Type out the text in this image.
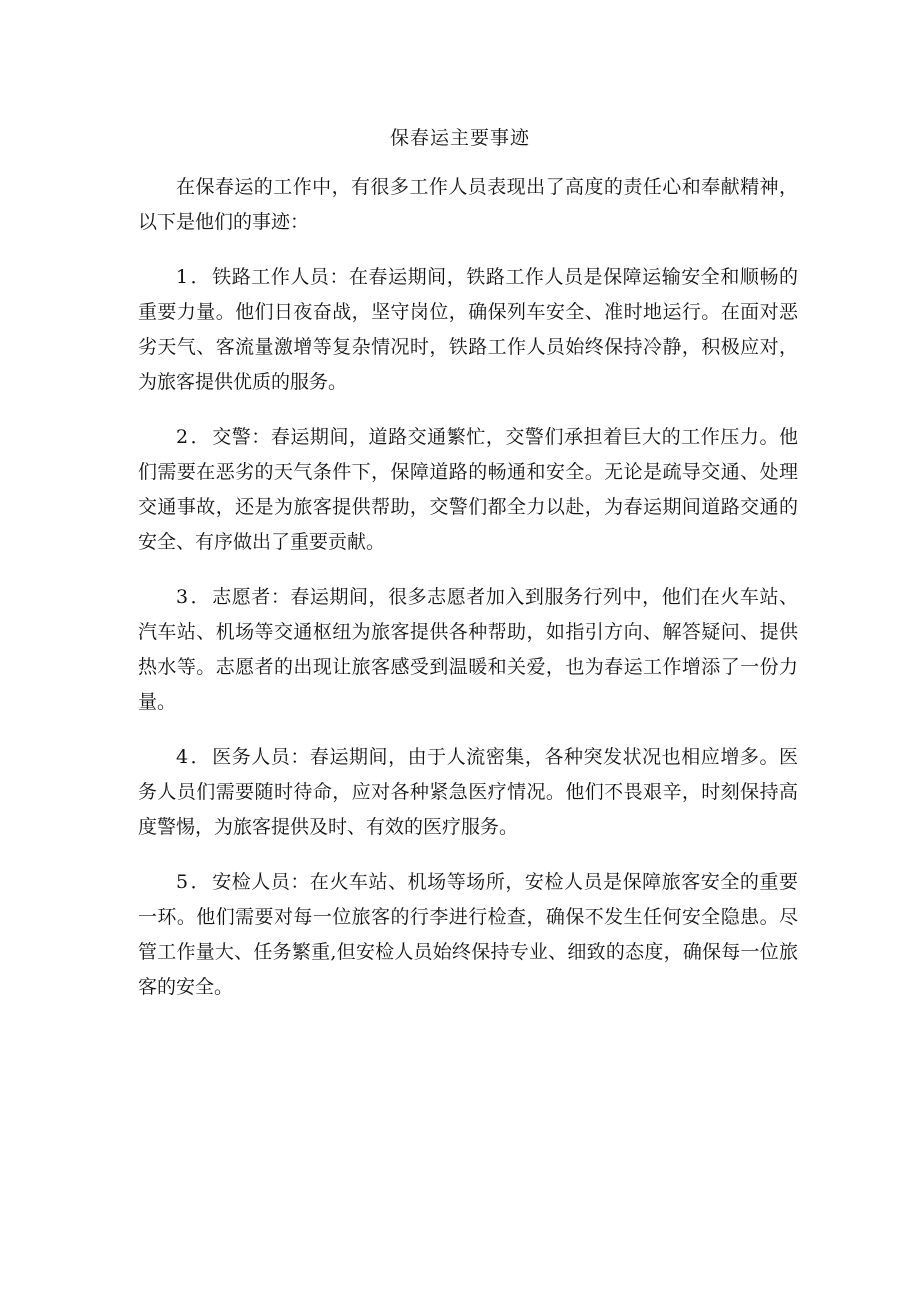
保春运主要事迹

在保春运的工作中，有很多工作人员表现出了高度的责任心和奉献精神，以下是他们的事迹：

1．铁路工作人员：在春运期间，铁路工作人员是保障运输安全和顺畅的重要力量。他们日夜奋战，坚守岗位，确保列车安全、准时地运行。在面对恶劣天气、客流量激增等复杂情况时，铁路工作人员始终保持冷静，积极应对，为旅客提供优质的服务。

2．交警：春运期间，道路交通繁忙，交警们承担着巨大的工作压力。他们需要在恶劣的天气条件下，保障道路的畅通和安全。无论是疏导交通、处理交通事故，还是为旅客提供帮助，交警们都全力以赴，为春运期间道路交通的安全、有序做出了重要贡献。

3．志愿者：春运期间，很多志愿者加入到服务行列中，他们在火车站、汽车站、机场等交通枢纽为旅客提供各种帮助，如指引方向、解答疑问、提供热水等。志愿者的出现让旅客感受到温暖和关爱，也为春运工作增添了一份力量。

4．医务人员：春运期间，由于人流密集，各种突发状况也相应增多。医务人员们需要随时待命，应对各种紧急医疗情况。他们不畏艰辛，时刻保持高度警惕，为旅客提供及时、有效的医疗服务。

5．安检人员：在火车站、机场等场所，安检人员是保障旅客安全的重要一环。他们需要对每一位旅客的行李进行检查，确保不发生任何安全隐患。尽管工作量大、任务繁重,但安检人员始终保持专业、细致的态度，确保每一位旅客的安全。
